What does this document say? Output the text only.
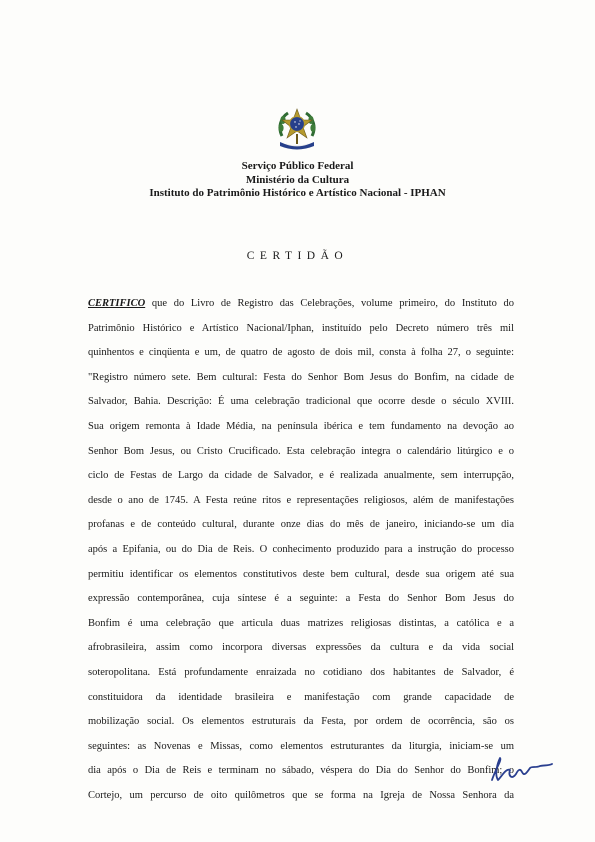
Serviço Público Federal
Ministério da Cultura
Instituto do Patrimônio Histórico e Artístico Nacional - IPHAN
CERTIDÃO
CERTIFICO que do Livro de Registro das Celebrações, volume primeiro, do Instituto do
Patrimônio Histórico e Artístico Nacional/Iphan, instituído pelo Decreto número três mil
quinhentos e cinqüenta e um, de quatro de agosto de dois mil, consta à folha 27, o seguinte:
"Registro número sete. Bem cultural: Festa do Senhor Bom Jesus do Bonfim, na cidade de
Salvador, Bahia. Descrição: É uma celebração tradicional que ocorre desde o século XVIII.
Sua origem remonta à Idade Média, na península ibérica e tem fundamento na devoção ao
Senhor Bom Jesus, ou Cristo Crucificado. Esta celebração integra o calendário litúrgico e o
ciclo de Festas de Largo da cidade de Salvador, e é realizada anualmente, sem interrupção,
desde o ano de 1745. A Festa reúne ritos e representações religiosos, além de manifestações
profanas e de conteúdo cultural, durante onze dias do mês de janeiro, iniciando-se um dia
após a Epifania, ou do Dia de Reis. O conhecimento produzido para a instrução do processo
permitiu identificar os elementos constitutivos deste bem cultural, desde sua origem até sua
expressão contemporânea, cuja síntese é a seguinte: a Festa do Senhor Bom Jesus do
Bonfim é uma celebração que articula duas matrizes religiosas distintas, a católica e a
afrobrasileira, assim como incorpora diversas expressões da cultura e da vida social
soteropolitana. Está profundamente enraizada no cotidiano dos habitantes de Salvador, é
constituidora da identidade brasileira e manifestação com grande capacidade de
mobilização social. Os elementos estruturais da Festa, por ordem de ocorrência, são os
seguintes: as Novenas e Missas, como elementos estruturantes da liturgia, iniciam-se um
dia após o Dia de Reis e terminam no sábado, véspera do Dia do Senhor do Bonfim; o
Cortejo, um percurso de oito quilômetros que se forma na Igreja de Nossa Senhora da
